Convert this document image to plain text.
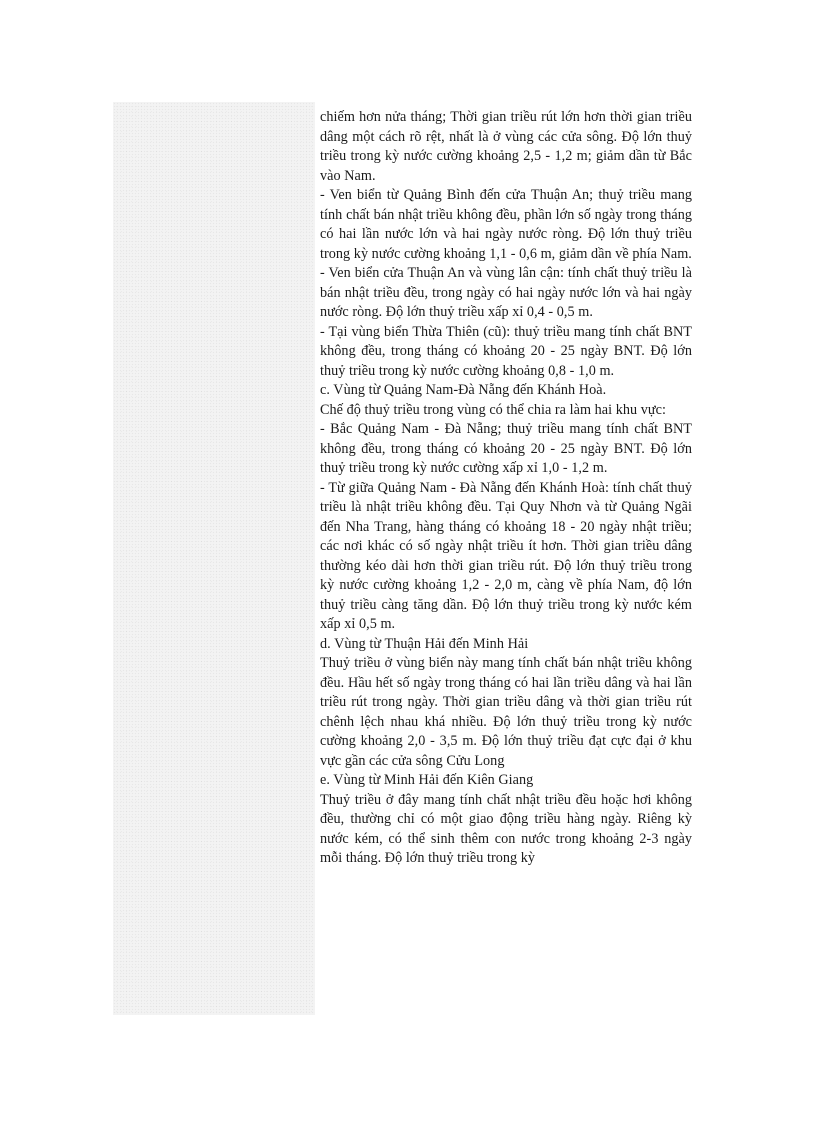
chiếm hơn nửa tháng; Thời gian triều rút lớn hơn thời gian triều dâng một cách rõ rệt, nhất là ở vùng các cửa sông. Độ lớn thuỷ triều trong kỳ nước cường khoảng 2,5 - 1,2 m; giảm dần từ Bắc vào Nam.

- Ven biển từ Quảng Bình đến cửa Thuận An; thuỷ triều mang tính chất bán nhật triều không đều, phần lớn số ngày trong tháng có hai lần nước lớn và hai ngày nước ròng. Độ lớn thuỷ triều trong kỳ nước cường khoảng 1,1 - 0,6 m, giảm dần về phía Nam.

- Ven biển cửa Thuận An và vùng lân cận: tính chất thuỷ triều là bán nhật triều đều, trong ngày có hai ngày nước lớn và hai ngày nước ròng. Độ lớn thuỷ triều xấp xỉ 0,4 - 0,5 m.

- Tại vùng biển Thừa Thiên (cũ): thuỷ triều mang tính chất BNT không đều, trong tháng có khoảng 20 - 25 ngày BNT. Độ lớn thuỷ triều trong kỳ nước cường khoảng 0,8 - 1,0 m.

c. Vùng từ Quảng Nam-Đà Nẵng đến Khánh Hoà.

Chế độ thuỷ triều trong vùng có thể chia ra làm hai khu vực:

- Bắc Quảng Nam - Đà Nẵng; thuỷ triều mang tính chất BNT không đều, trong tháng có khoảng 20 - 25 ngày BNT. Độ lớn thuỷ triều trong kỳ nước cường xấp xỉ 1,0 - 1,2 m.

- Từ giữa Quảng Nam - Đà Nẵng đến Khánh Hoà: tính chất thuỷ triều là nhật triều không đều. Tại Quy Nhơn và từ Quảng Ngãi đến Nha Trang, hàng tháng có khoảng 18 - 20 ngày nhật triều; các nơi khác có số ngày nhật triều ít hơn. Thời gian triều dâng thường kéo dài hơn thời gian triều rút. Độ lớn thuỷ triều trong kỳ nước cường khoảng 1,2 - 2,0 m, càng về phía Nam, độ lớn thuỷ triều càng tăng dần. Độ lớn thuỷ triều trong kỳ nước kém xấp xỉ 0,5 m.

d. Vùng từ Thuận Hải đến Minh Hải

Thuỷ triều ở vùng biển này mang tính chất bán nhật triều không đều. Hầu hết số ngày trong tháng có hai lần triều dâng và hai lần triều rút trong ngày. Thời gian triều dâng và thời gian triều rút chênh lệch nhau khá nhiều. Độ lớn thuỷ triều trong kỳ nước cường khoảng 2,0 - 3,5 m. Độ lớn thuỷ triều đạt cực đại ở khu vực gần các cửa sông Cửu Long

e. Vùng từ Minh Hải đến Kiên Giang

Thuỷ triều ở đây mang tính chất nhật triều đều hoặc hơi không đều, thường chỉ có một giao động triều hàng ngày. Riêng kỳ nước kém, có thể sinh thêm con nước trong khoảng 2-3 ngày mỗi tháng. Độ lớn thuỷ triều trong kỳ
